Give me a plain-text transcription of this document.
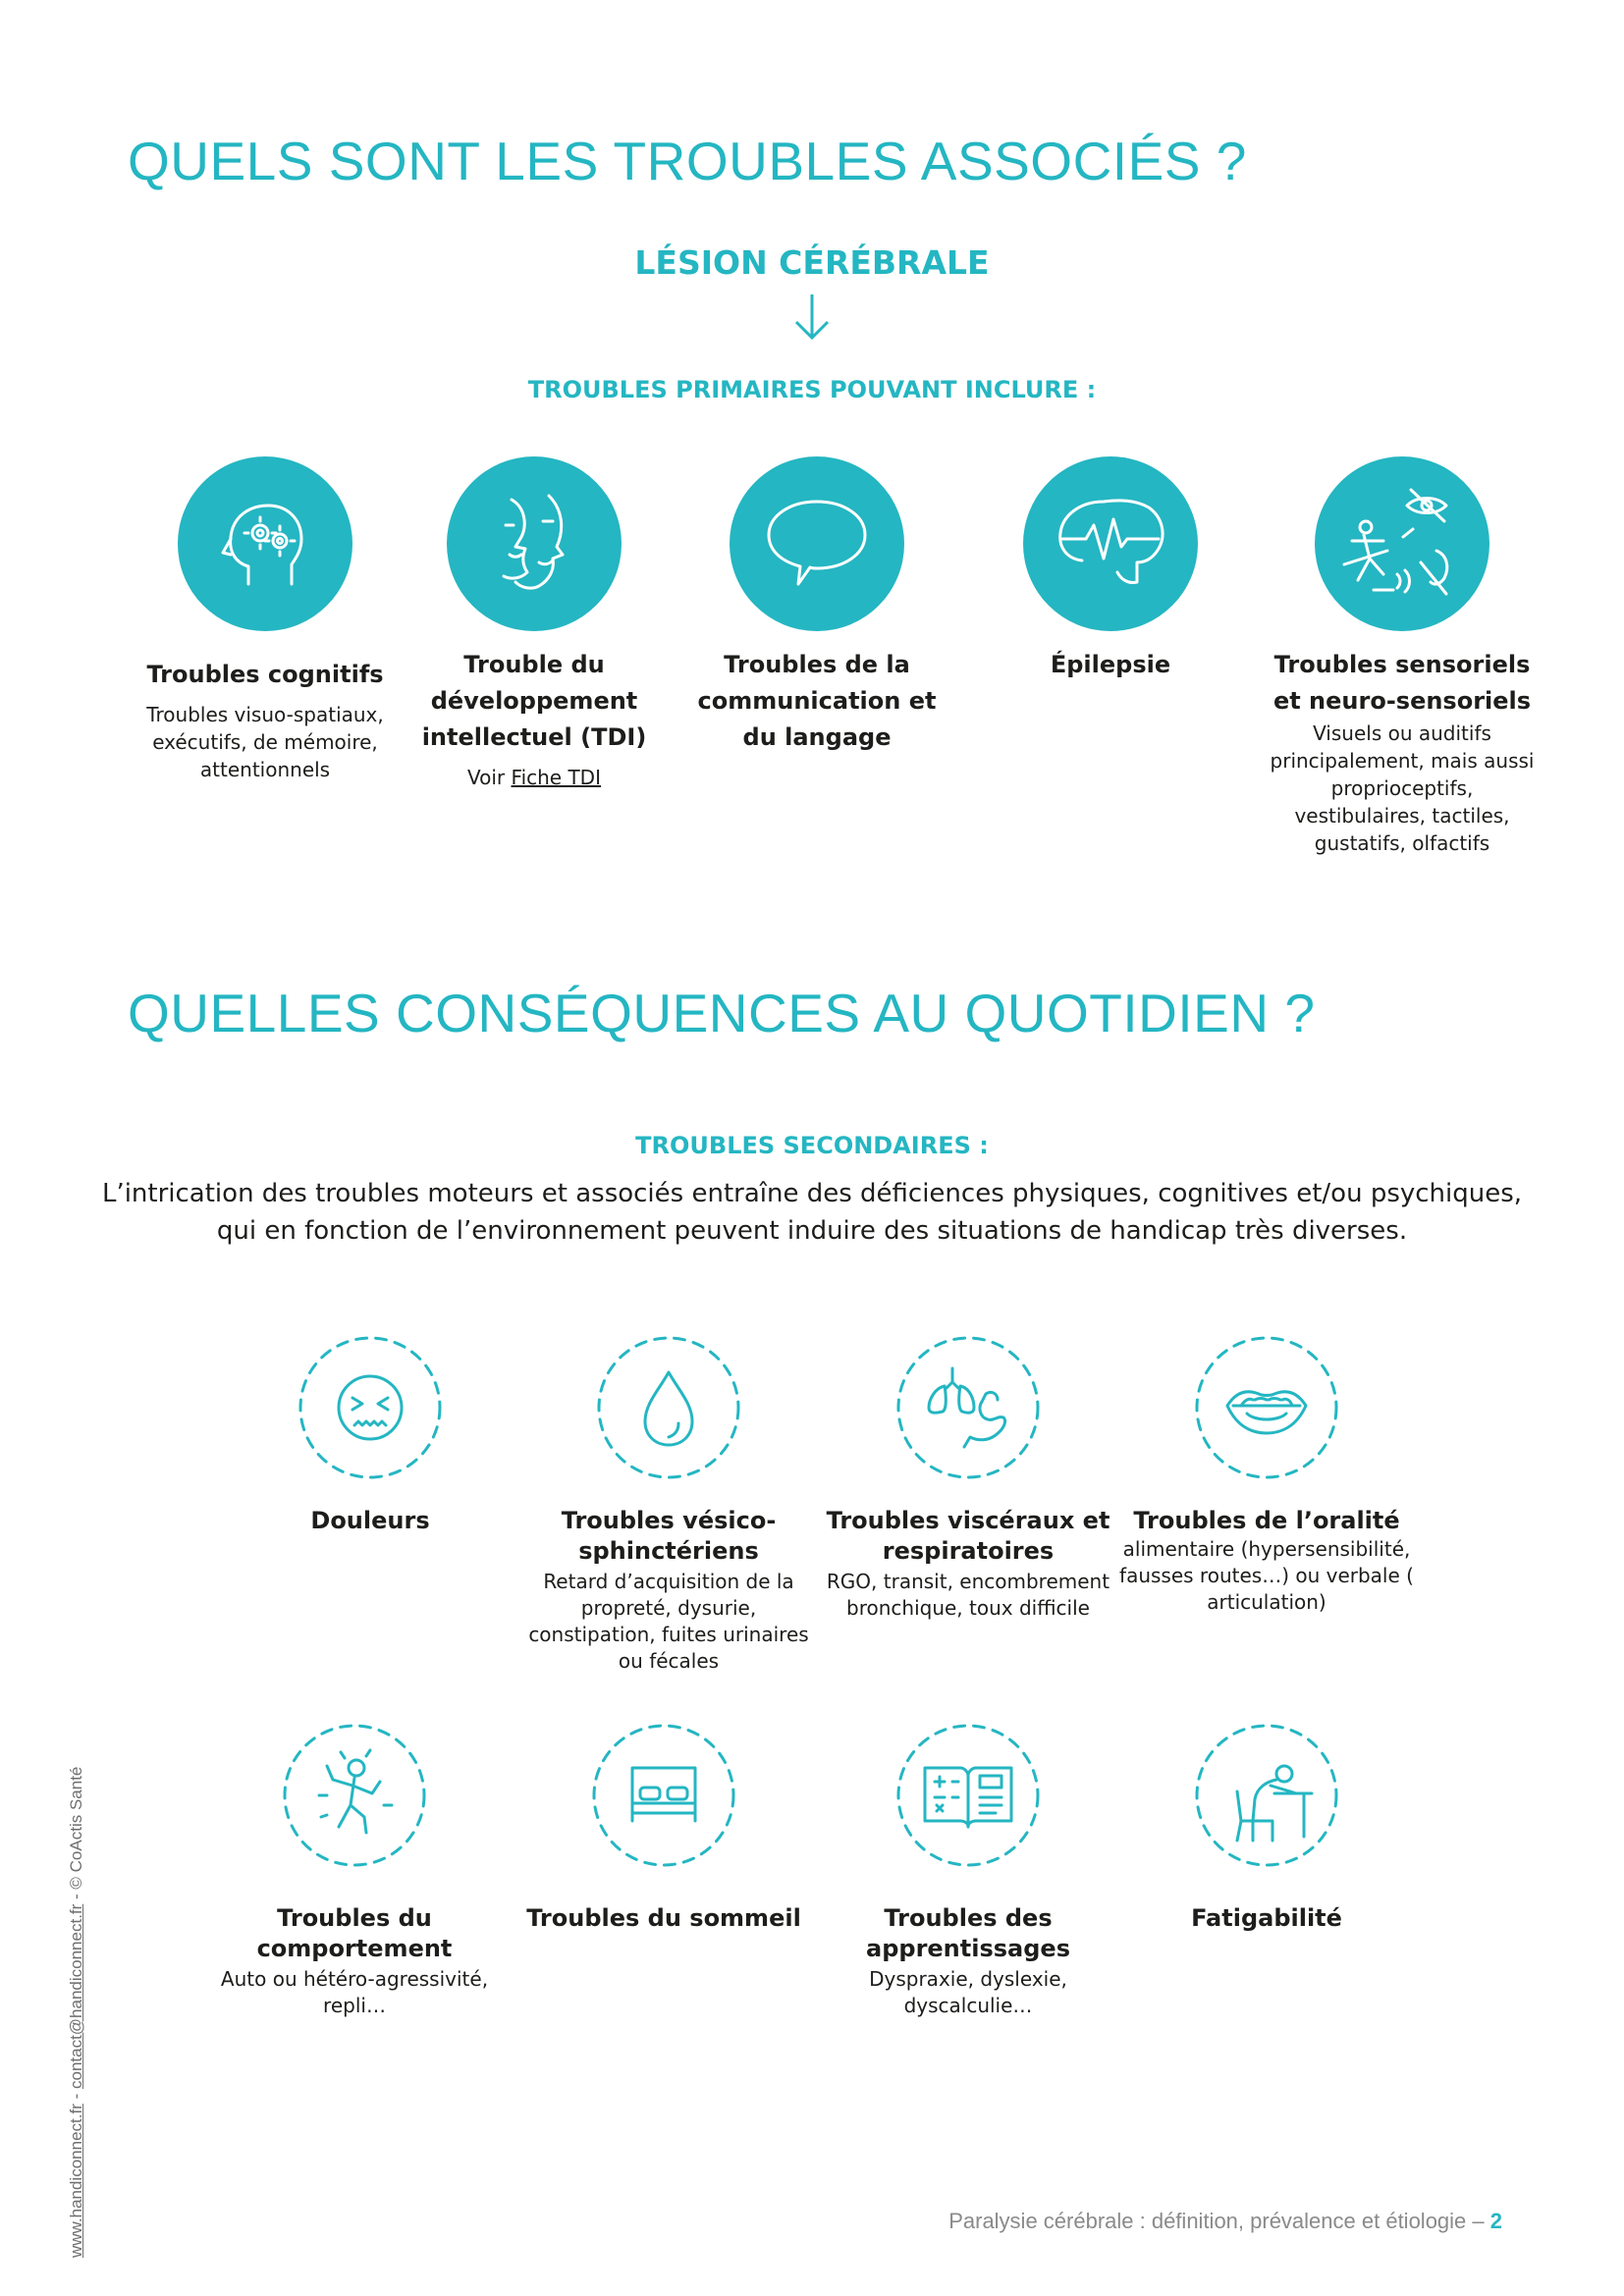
QUELS SONT LES TROUBLES ASSOCIÉS ?

LÉSION CÉRÉBRALE

TROUBLES PRIMAIRES POUVANT INCLURE :

Troubles cognitifs

Troubles visuo-spatiaux, exécutifs, de mémoire, attentionnels

Trouble du développement intellectuel (TDI)

Voir Fiche TDI

Troubles de la communication et du langage

Épilepsie	Troubles sensoriels et neuro-sensoriels

Visuels ou auditifs principalement, mais aussi proprioceptifs, vestibulaires, tactiles, gustatifs, olfactifs

QUELLES CONSÉQUENCES AU QUOTIDIEN ?

TROUBLES SECONDAIRES :

L’intrication des troubles moteurs et associés entraîne des déficiences physiques, cognitives et/ou psychiques,

qui en fonction de l’environnement peuvent induire des situations de handicap très diverses.

Douleurs	Troubles vésico-sphinctériens

Retard d’acquisition de la propreté, dysurie, constipation, fuites urinaires ou fécales

Troubles viscéraux et respiratoires

RGO, transit, encombrement bronchique, toux difficile

Troubles de l’oralité

alimentaire (hypersensibilité, fausses routes…) ou verbale ( articulation)

Troubles du comportement

Auto ou hétéro-agressivité, repli…

Troubles du sommeil	Troubles des apprentissages

Dyspraxie, dyslexie, dyscalculie…

Fatigabilité

Paralysie cérébrale : définition, prévalence et étiologie – 2
www.handiconnect.fr - contact@handiconnect.fr - © CoActis Santé
